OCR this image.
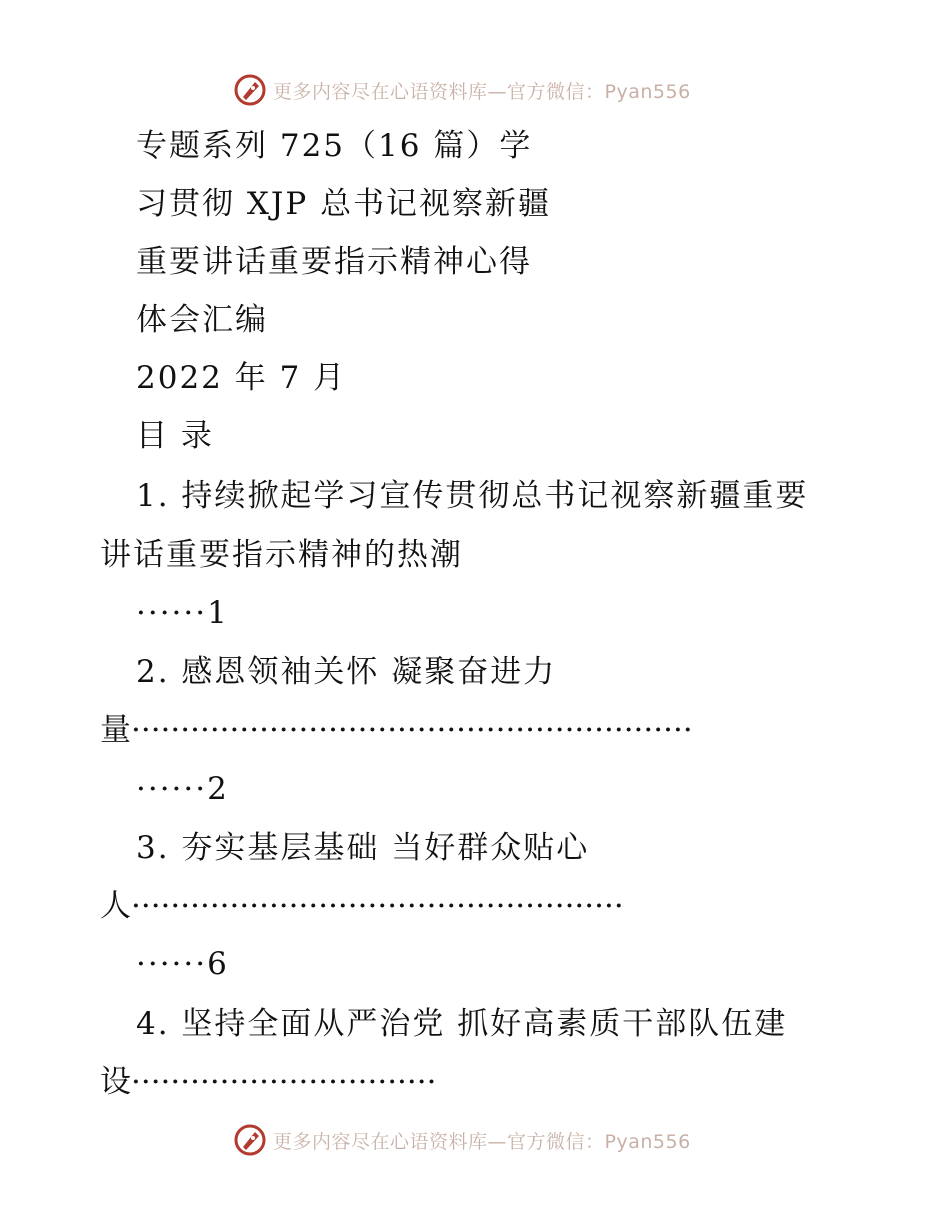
更多内容尽在心语资料库—官方微信：Pyan556
专题系列 725（16 篇）学
习贯彻 XJP 总书记视察新疆
重要讲话重要指示精神心得
体会汇编
2022 年 7 月
目 录
1. 持续掀起学习宣传贯彻总书记视察新疆重要
讲话重要指示精神的热潮
······1
2. 感恩领袖关怀 凝聚奋进力
量·························································
······2
3. 夯实基层基础 当好群众贴心
人··················································
······6
4. 坚持全面从严治党 抓好高素质干部队伍建
设·······························
更多内容尽在心语资料库—官方微信：Pyan556
